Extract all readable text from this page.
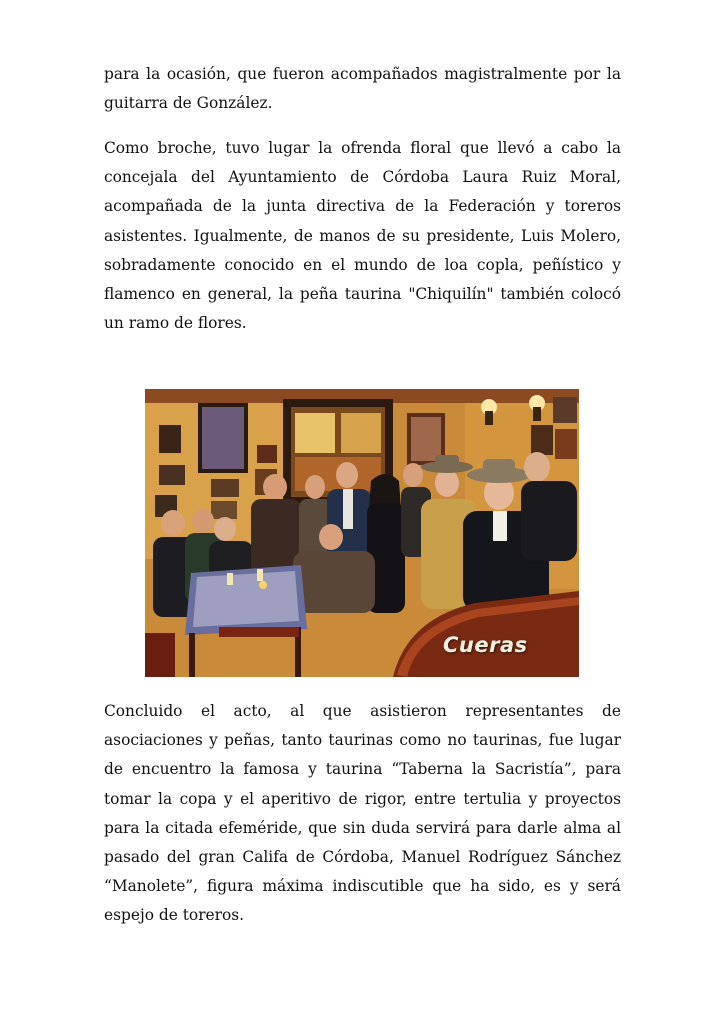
para la ocasión, que fueron acompañados magistralmente por la guitarra de González.

Como broche, tuvo lugar la ofrenda floral que llevó a cabo la concejala del Ayuntamiento de Córdoba Laura Ruiz Moral, acompañada de la junta directiva de la Federación y toreros asistentes. Igualmente, de manos de su presidente, Luis Molero, sobradamente conocido en el mundo de loa copla, peñístico y flamenco en general, la peña taurina "Chiquilín" también colocó un ramo de flores.

Cueras

Concluido el acto, al que asistieron representantes de asociaciones y peñas, tanto taurinas como no taurinas, fue lugar de encuentro la famosa y taurina “Taberna la Sacristía”, para tomar la copa y el aperitivo de rigor, entre tertulia y proyectos para la citada efeméride, que sin duda servirá para darle alma al pasado del gran Califa de Córdoba, Manuel Rodríguez Sánchez “Manolete”, figura máxima indiscutible que ha sido, es y será espejo de toreros.
